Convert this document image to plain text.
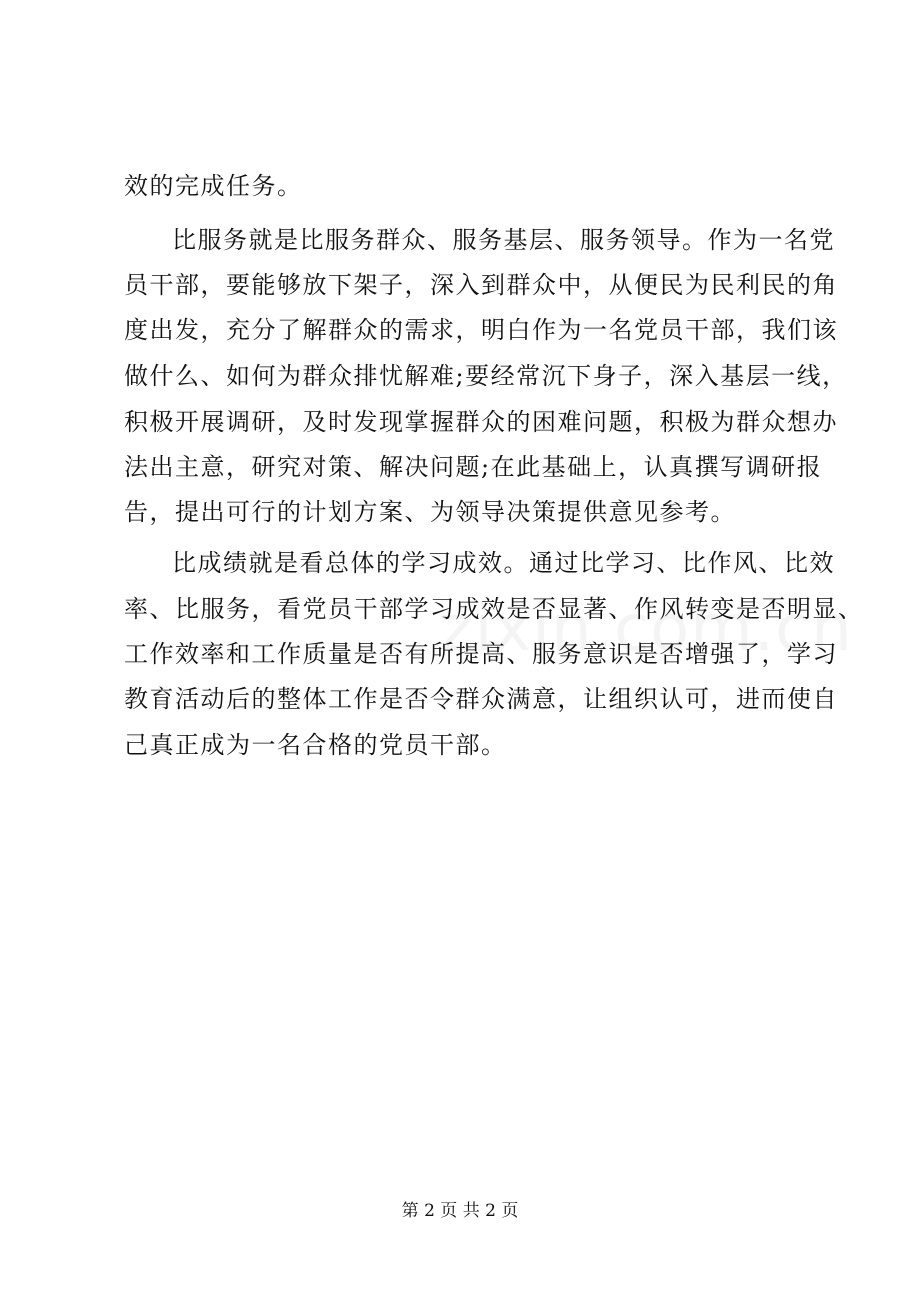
效的完成任务。
比服务就是比服务群众、服务基层、服务领导。作为一名党
员干部，要能够放下架子，深入到群众中，从便民为民利民的角
度出发，充分了解群众的需求，明白作为一名党员干部，我们该
做什么、如何为群众排忧解难;要经常沉下身子，深入基层一线，
积极开展调研，及时发现掌握群众的困难问题，积极为群众想办
法出主意，研究对策、解决问题;在此基础上，认真撰写调研报
告，提出可行的计划方案、为领导决策提供意见参考。
比成绩就是看总体的学习成效。通过比学习、比作风、比效
率、比服务，看党员干部学习成效是否显著、作风转变是否明显、
工作效率和工作质量是否有所提高、服务意识是否增强了，学习
教育活动后的整体工作是否令群众满意，让组织认可，进而使自
己真正成为一名合格的党员干部。
第 2 页 共 2 页
